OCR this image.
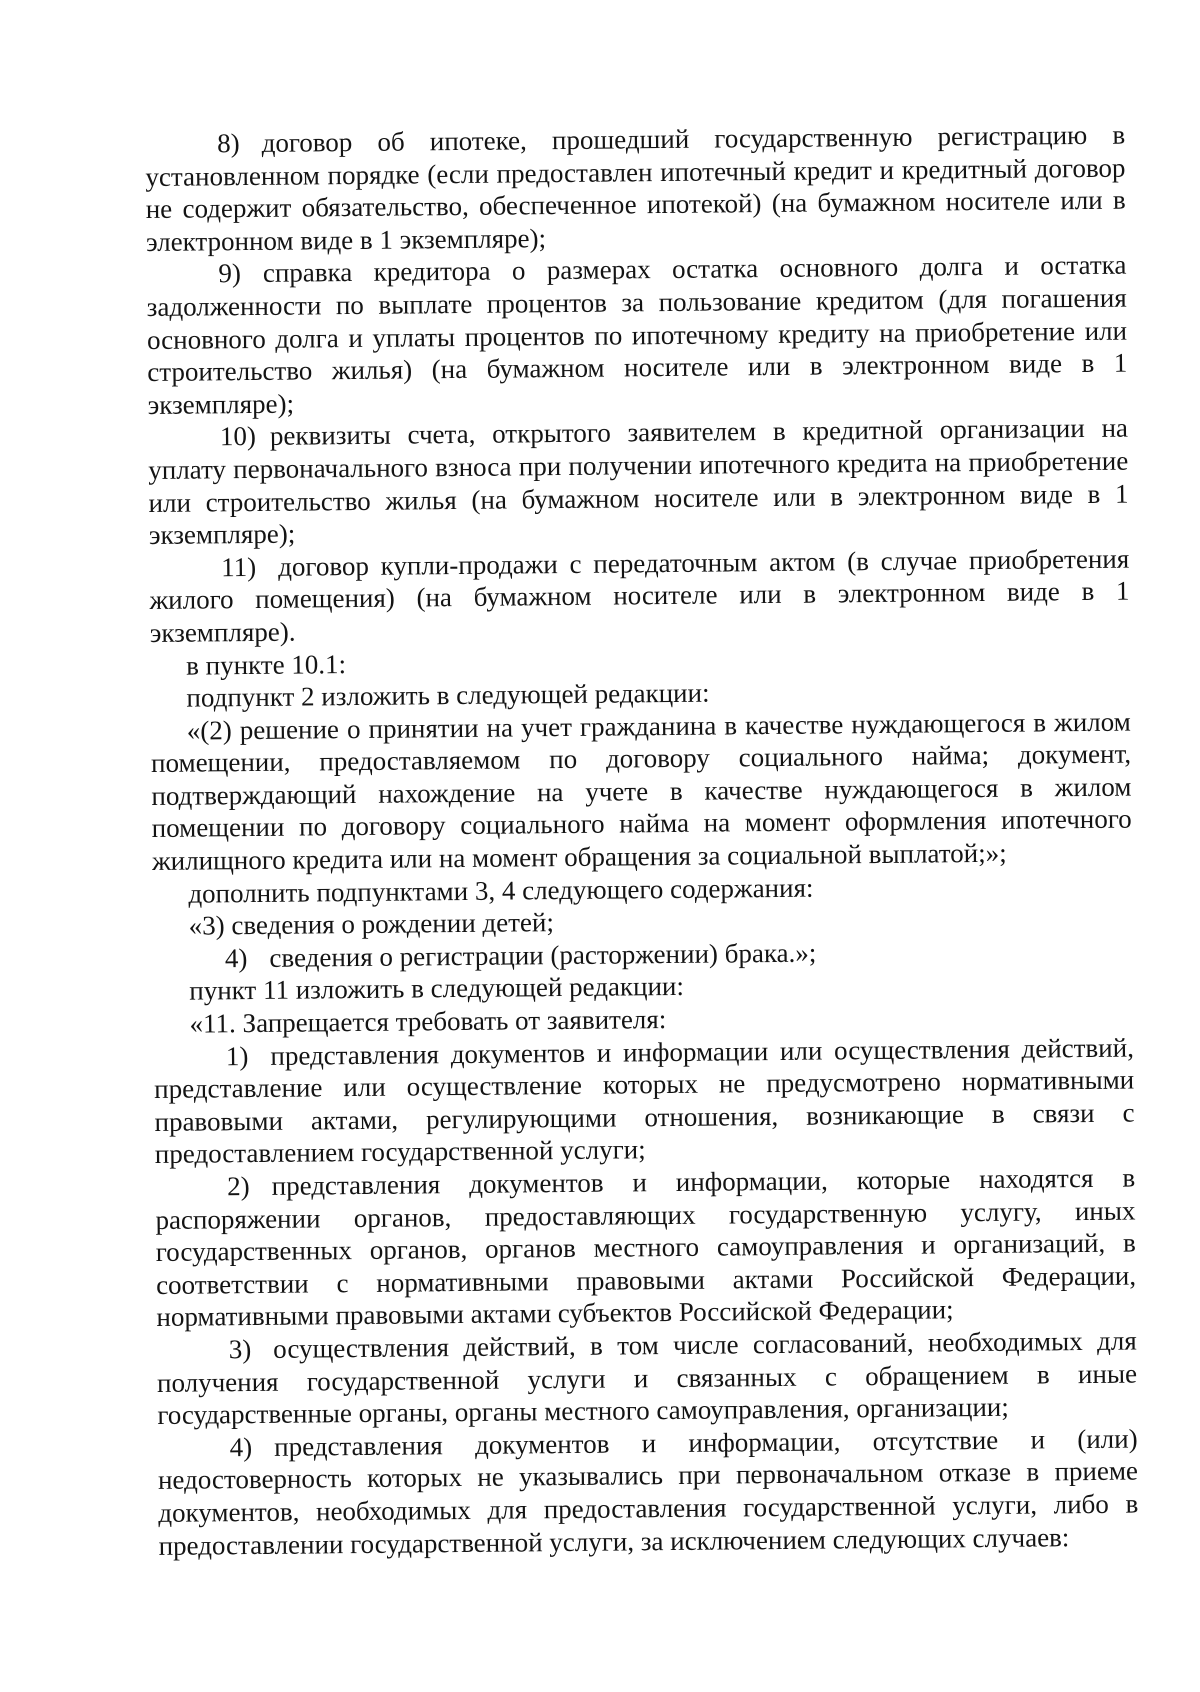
8) договор об ипотеке, прошедший государственную регистрацию в установленном порядке (если предоставлен ипотечный кредит и кредитный договор не содержит обязательство, обеспеченное ипотекой) (на бумажном носителе или в электронном виде в 1 экземпляре);

9) справка кредитора о размерах остатка основного долга и остатка задолженности по выплате процентов за пользование кредитом (для погашения основного долга и уплаты процентов по ипотечному кредиту на приобретение или строительство жилья) (на бумажном носителе или в электронном виде в 1 экземпляре);

10) реквизиты счета, открытого заявителем в кредитной организации на уплату первоначального взноса при получении ипотечного кредита на приобретение или строительство жилья (на бумажном носителе или в электронном виде в 1 экземпляре);

11) договор купли-продажи с передаточным актом (в случае приобретения жилого помещения) (на бумажном носителе или в электронном виде в 1 экземпляре).

в пункте 10.1:

подпункт 2 изложить в следующей редакции:

«(2) решение о принятии на учет гражданина в качестве нуждающегося в жилом помещении, предоставляемом по договору социального найма; документ, подтверждающий нахождение на учете в качестве нуждающегося в жилом помещении по договору социального найма на момент оформления ипотечного жилищного кредита или на момент обращения за социальной выплатой;»;

дополнить подпунктами 3, 4 следующего содержания:

«3) сведения о рождении детей;

4) сведения о регистрации (расторжении) брака.»;

пункт 11 изложить в следующей редакции:

«11. Запрещается требовать от заявителя:

1) представления документов и информации или осуществления действий, представление или осуществление которых не предусмотрено нормативными правовыми актами, регулирующими отношения, возникающие в связи с предоставлением государственной услуги;

2) представления документов и информации, которые находятся в распоряжении органов, предоставляющих государственную услугу, иных государственных органов, органов местного самоуправления и организаций, в соответствии с нормативными правовыми актами Российской Федерации, нормативными правовыми актами субъектов Российской Федерации;

3) осуществления действий, в том числе согласований, необходимых для получения государственной услуги и связанных с обращением в иные государственные органы, органы местного самоуправления, организации;

4) представления документов и информации, отсутствие и (или) недостоверность которых не указывались при первоначальном отказе в приеме документов, необходимых для предоставления государственной услуги, либо в предоставлении государственной услуги, за исключением следующих случаев:
